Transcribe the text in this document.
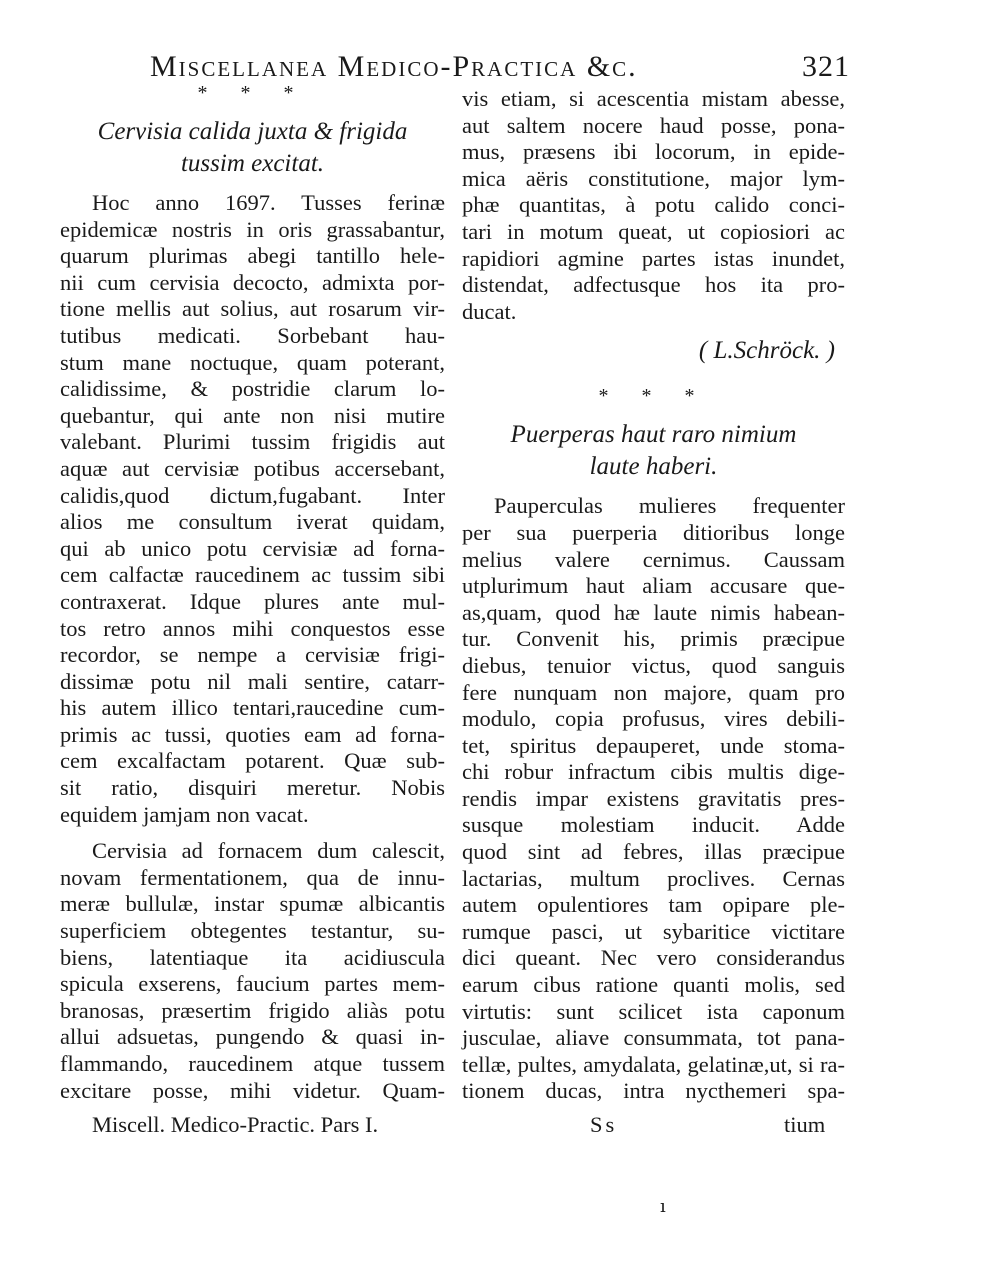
Miscellanea Medico-Practica &c.	321
* * *
Cervisia calida juxta & frigida
tussim excitat.
Hoc anno 1697. Tusses ferinæ
epidemicæ nostris in oris grassabantur,
quarum plurimas abegi tantillo hele-
nii cum cervisia decocto, admixta por-
tione mellis aut solius, aut rosarum vir-
tutibus medicati. Sorbebant hau-
stum mane noctuque, quam poterant,
calidissime, & postridie clarum lo-
quebantur, qui ante non nisi mutire
valebant. Plurimi tussim frigidis aut
aquæ aut cervisiæ potibus accersebant,
calidis,quod dictum,fugabant. Inter
alios me consultum iverat quidam,
qui ab unico potu cervisiæ ad forna-
cem calfactæ raucedinem ac tussim sibi
contraxerat. Idque plures ante mul-
tos retro annos mihi conquestos esse
recordor, se nempe a cervisiæ frigi-
dissimæ potu nil mali sentire, catarr-
his autem illico tentari,raucedine cum-
primis ac tussi, quoties eam ad forna-
cem excalfactam potarent. Quæ sub-
sit ratio, disquiri meretur. Nobis
equidem jamjam non vacat.
Cervisia ad fornacem dum calescit,
novam fermentationem, qua de innu-
meræ bullulæ, instar spumæ albicantis
superficiem obtegentes testantur, su-
biens, latentiaque ita acidiuscula
spicula exserens, faucium partes mem-
branosas, præsertim frigido aliàs potu
allui adsuetas, pungendo & quasi in-
flammando, raucedinem atque tussem
excitare posse, mihi videtur. Quam-
vis etiam, si acescentia mistam abesse,
aut saltem nocere haud posse, pona-
mus, præsens ibi locorum, in epide-
mica aëris constitutione, major lym-
phæ quantitas, à potu calido conci-
tari in motum queat, ut copiosiori ac
rapidiori agmine partes istas inundet,
distendat, adfectusque hos ita pro-
ducat.
( L.Schröck. )
* * *
Puerperas haut raro nimium
laute haberi.
Pauperculas mulieres frequenter
per sua puerperia ditioribus longe
melius valere cernimus. Caussam
utplurimum haut aliam accusare que-
as,quam, quod hæ laute nimis habean-
tur. Convenit his, primis præcipue
diebus, tenuior victus, quod sanguis
fere nunquam non majore, quam pro
modulo, copia profusus, vires debili-
tet, spiritus depauperet, unde stoma-
chi robur infractum cibis multis dige-
rendis impar existens gravitatis pres-
susque molestiam inducit. Adde
quod sint ad febres, illas præcipue
lactarias, multum proclives. Cernas
autem opulentiores tam opipare ple-
rumque pasci, ut sybaritice victitare
dici queant. Nec vero considerandus
earum cibus ratione quanti molis, sed
virtutis: sunt scilicet ista caponum
jusculae, aliave consummata, tot pana-
tellæ, pultes, amydalata, gelatinæ,ut, si ra-
tionem ducas, intra nycthemeri spa-
Miscell. Medico-Practic. Pars I.	Ss	tium
ı
